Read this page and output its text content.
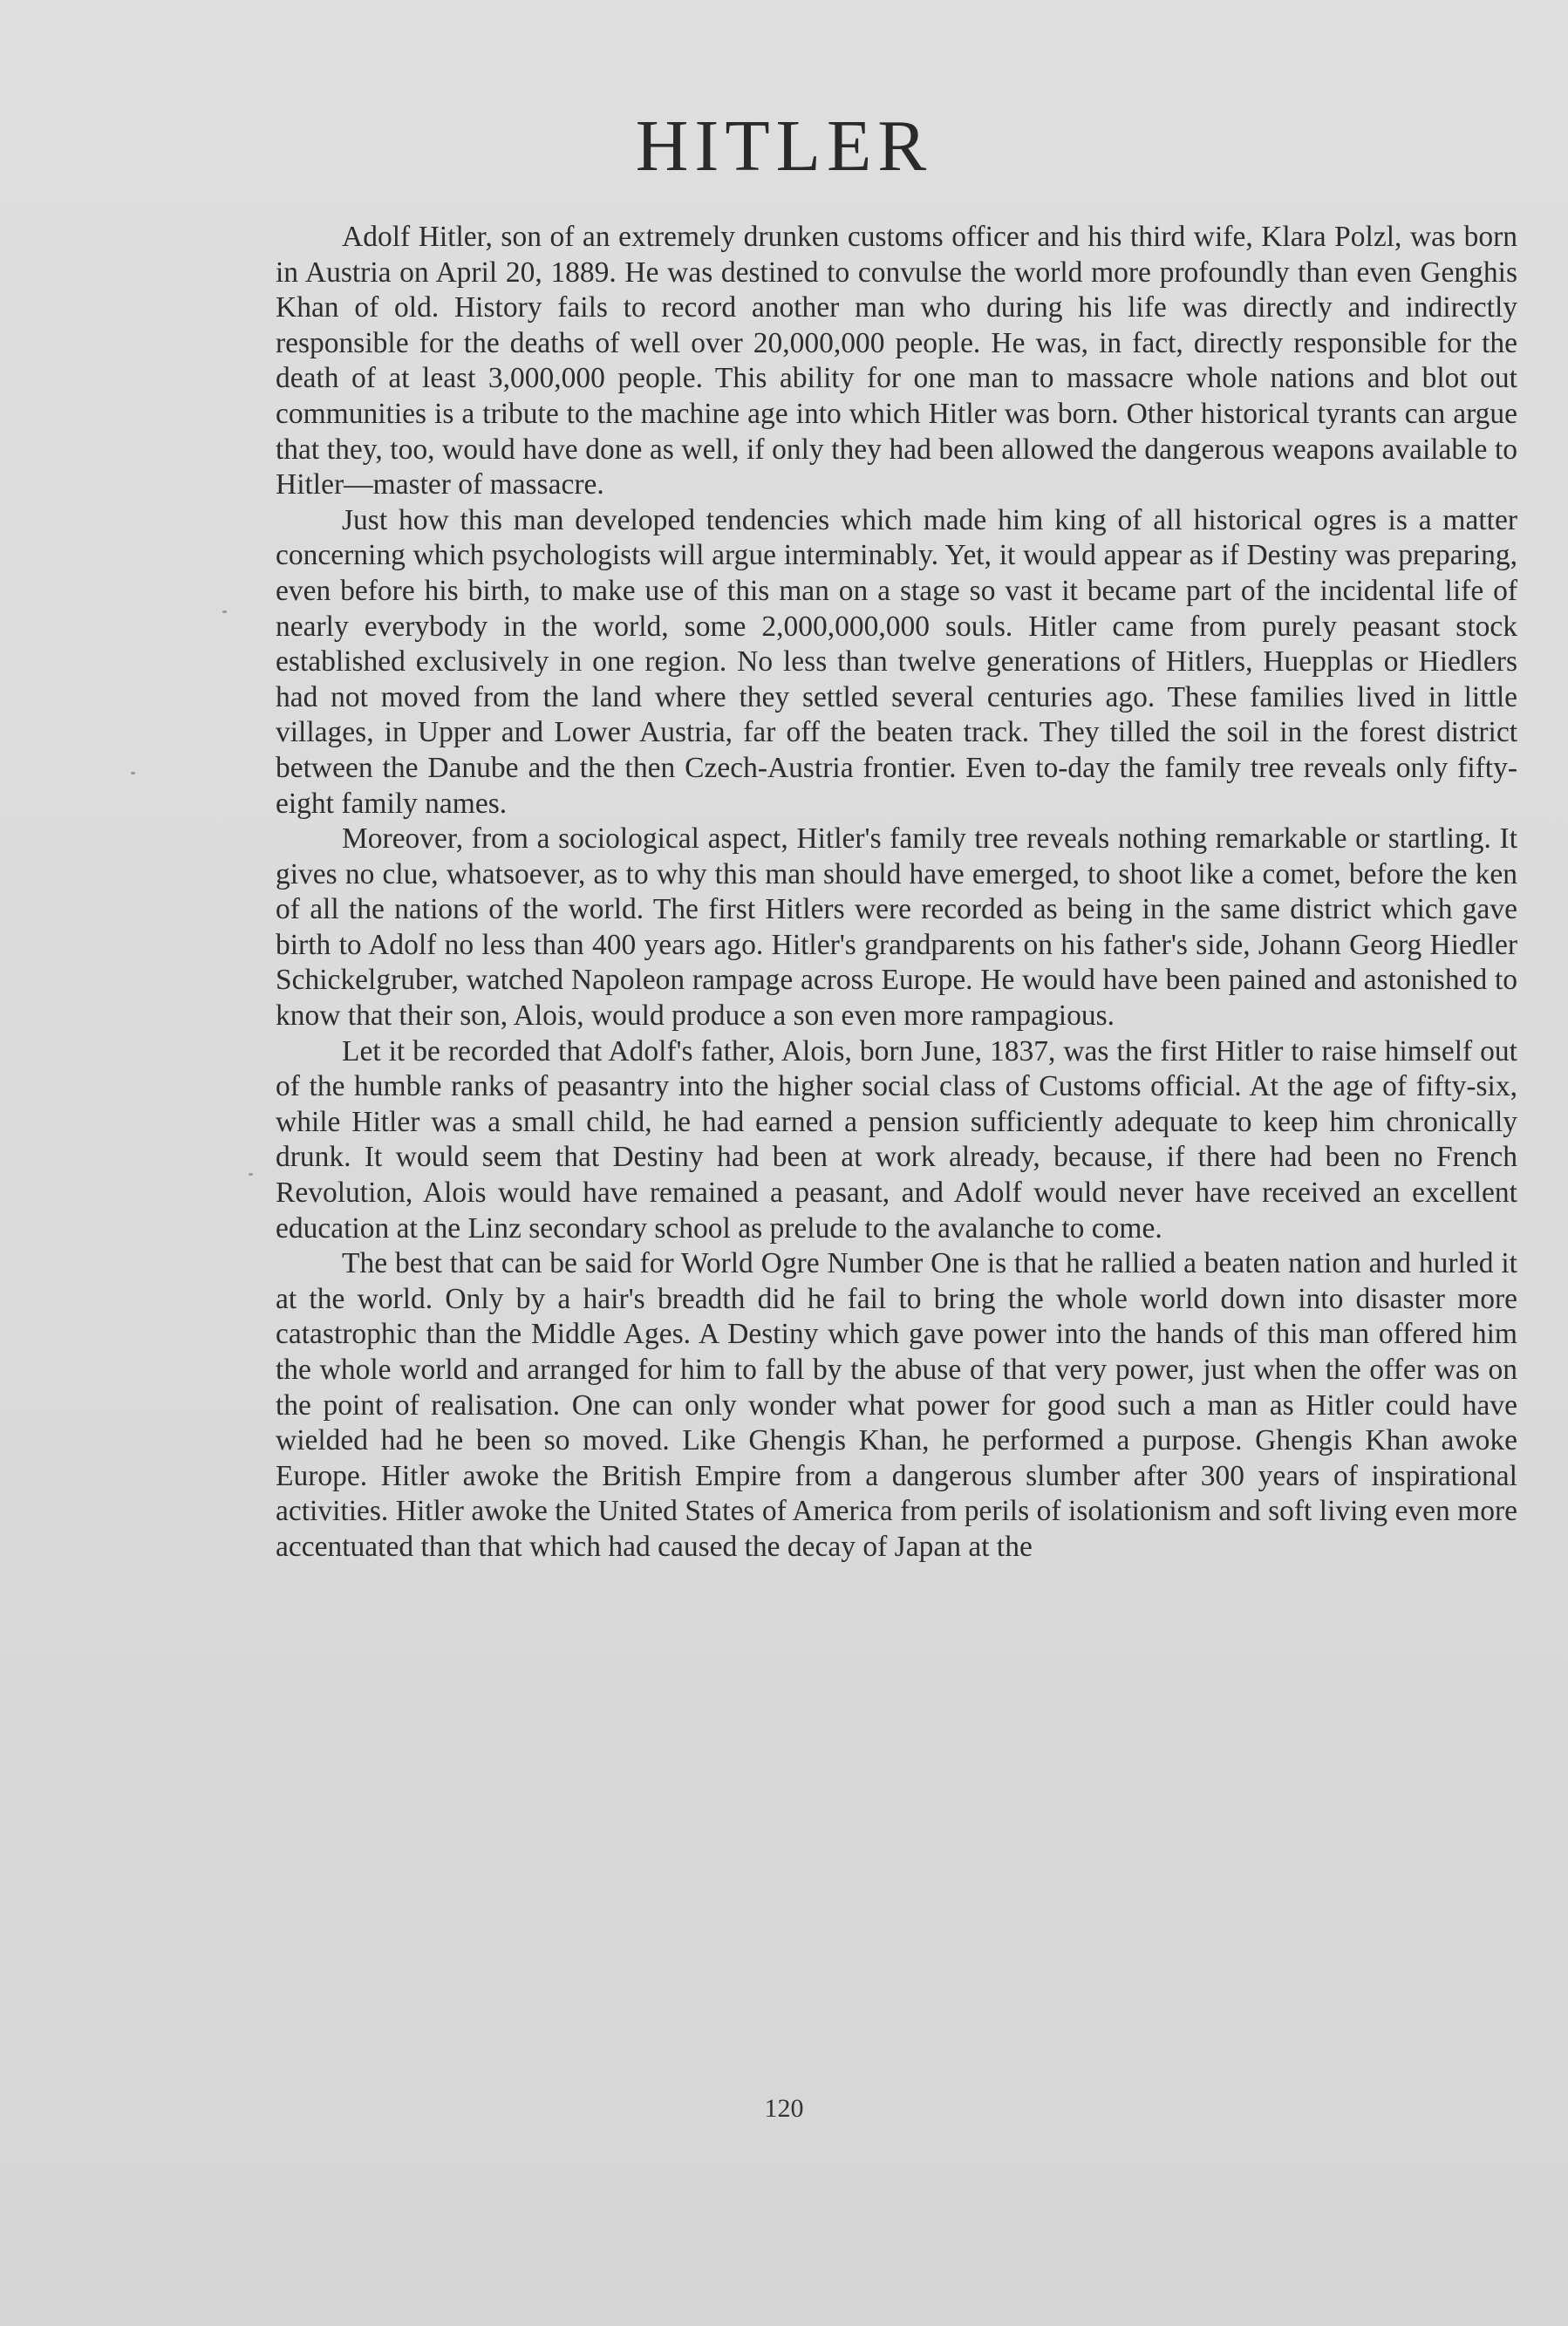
HITLER

Adolf Hitler, son of an extremely drunken customs officer and his third wife, Klara Polzl, was born in Austria on April 20, 1889. He was destined to convulse the world more profoundly than even Genghis Khan of old. History fails to record another man who during his life was directly and indirectly responsible for the deaths of well over 20,000,000 people. He was, in fact, directly responsible for the death of at least 3,000,000 people. This ability for one man to massacre whole nations and blot out communities is a tribute to the machine age into which Hitler was born. Other historical tyrants can argue that they, too, would have done as well, if only they had been allowed the dangerous weapons available to Hitler—master of massacre.

Just how this man developed tendencies which made him king of all historical ogres is a matter concerning which psychologists will argue interminably. Yet, it would appear as if Destiny was preparing, even before his birth, to make use of this man on a stage so vast it became part of the incidental life of nearly everybody in the world, some 2,000,000,000 souls. Hitler came from purely peasant stock established exclusively in one region. No less than twelve generations of Hitlers, Huepplas or Hiedlers had not moved from the land where they settled several centuries ago. These families lived in little villages, in Upper and Lower Austria, far off the beaten track. They tilled the soil in the forest district between the Danube and the then Czech-Austria frontier. Even to-day the family tree reveals only fifty-eight family names.

Moreover, from a sociological aspect, Hitler's family tree reveals nothing remarkable or startling. It gives no clue, whatsoever, as to why this man should have emerged, to shoot like a comet, before the ken of all the nations of the world. The first Hitlers were recorded as being in the same district which gave birth to Adolf no less than 400 years ago. Hitler's grandparents on his father's side, Johann Georg Hiedler Schickelgruber, watched Napoleon rampage across Europe. He would have been pained and astonished to know that their son, Alois, would produce a son even more rampagious.

Let it be recorded that Adolf's father, Alois, born June, 1837, was the first Hitler to raise himself out of the humble ranks of peasantry into the higher social class of Customs official. At the age of fifty-six, while Hitler was a small child, he had earned a pension sufficiently adequate to keep him chronically drunk. It would seem that Destiny had been at work already, because, if there had been no French Revolution, Alois would have remained a peasant, and Adolf would never have received an excellent education at the Linz secondary school as prelude to the avalanche to come.

The best that can be said for World Ogre Number One is that he rallied a beaten nation and hurled it at the world. Only by a hair's breadth did he fail to bring the whole world down into disaster more catastrophic than the Middle Ages. A Destiny which gave power into the hands of this man offered him the whole world and arranged for him to fall by the abuse of that very power, just when the offer was on the point of realisation. One can only wonder what power for good such a man as Hitler could have wielded had he been so moved. Like Ghengis Khan, he performed a purpose. Ghengis Khan awoke Europe. Hitler awoke the British Empire from a dangerous slumber after 300 years of inspirational activities. Hitler awoke the United States of America from perils of isolationism and soft living even more accentuated than that which had caused the decay of Japan at the

120
